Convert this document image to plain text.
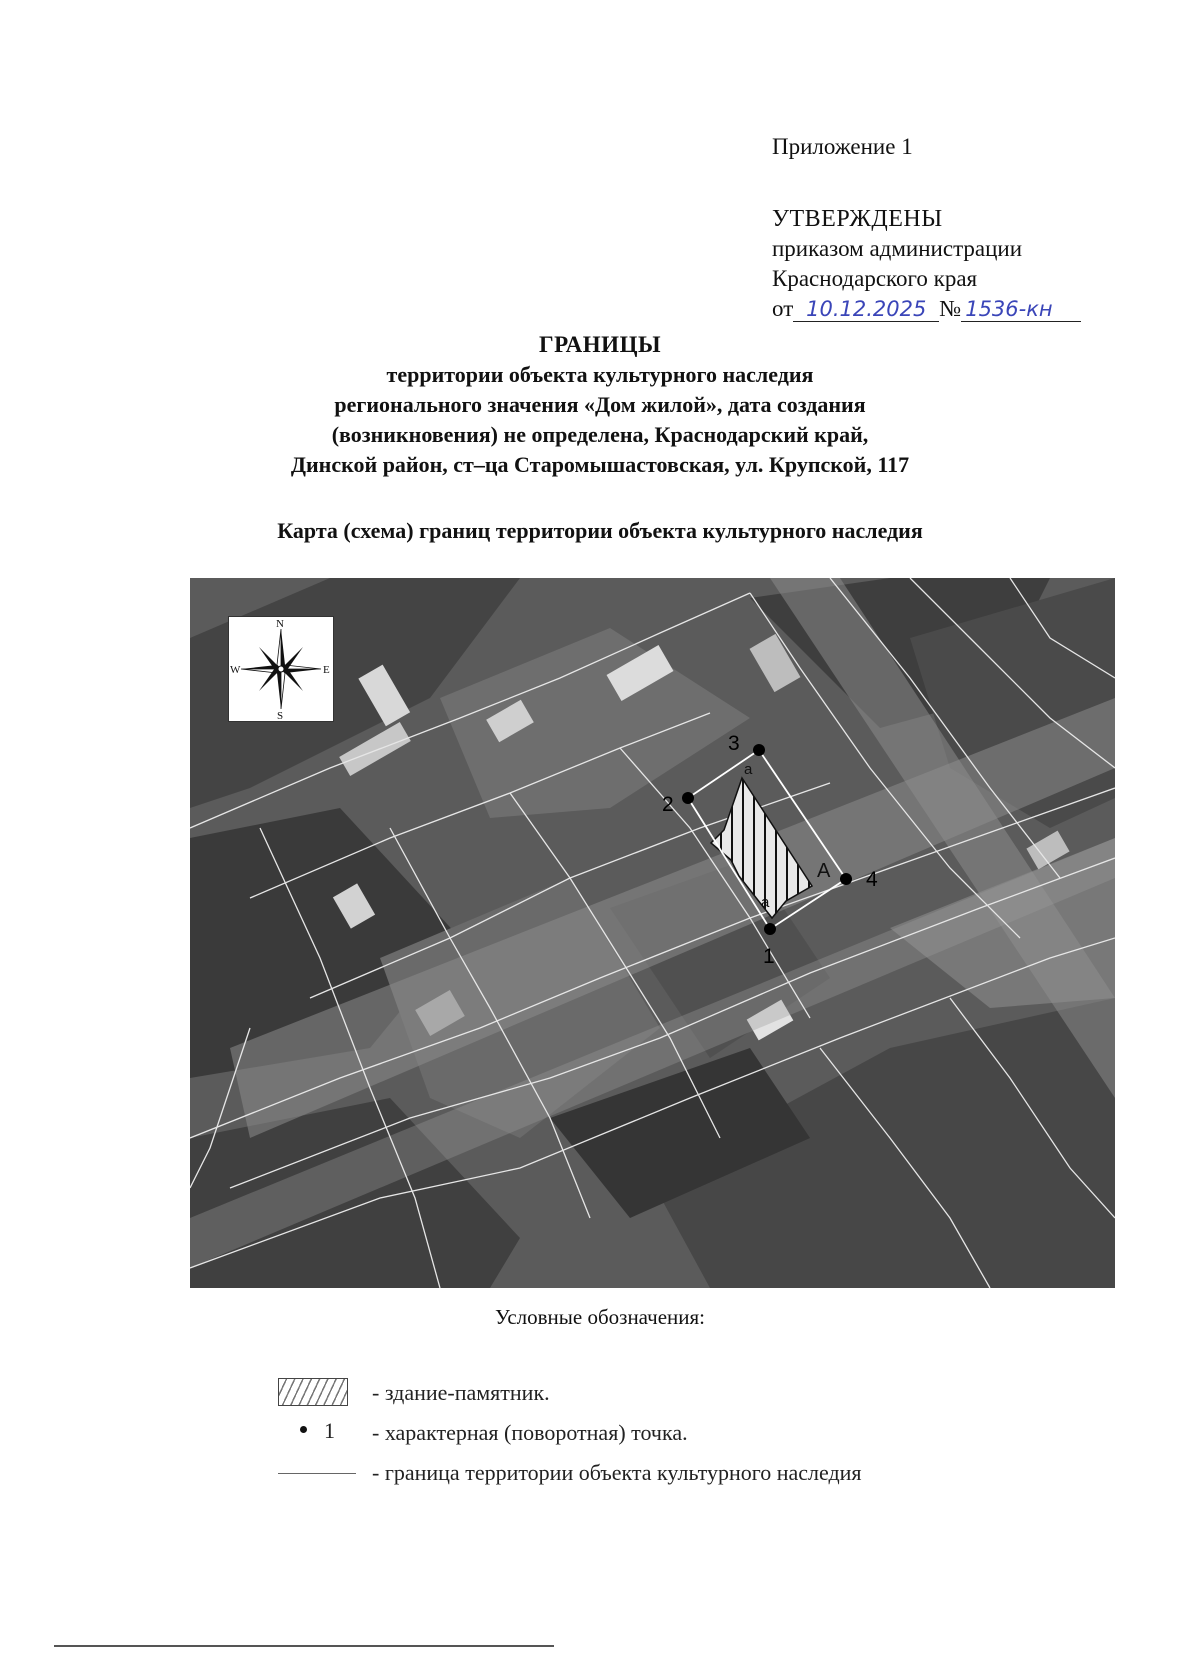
Приложение 1
УТВЕРЖДЕНЫ
приказом администрации
Краснодарского края
от 10.12.2025 № 1536-кн
ГРАНИЦЫ
территории объекта культурного наследия
регионального значения «Дом жилой», дата создания
(возникновения) не определена, Краснодарский край,
Динской район, ст–ца Старомышастовская, ул. Крупской, 117
Карта (схема) границ территории объекта культурного наследия
1
2
3
4
A
a
a
N
S
W	E
Условные обозначения:
- здание-памятник.
1 - характерная (поворотная) точка.
- граница территории объекта культурного наследия
